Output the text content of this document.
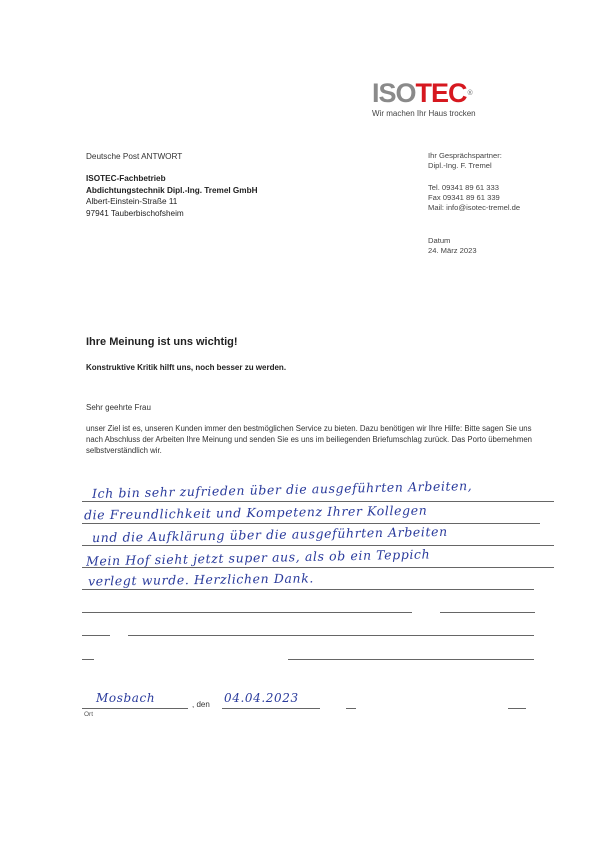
ISOTEC®
Wir machen Ihr Haus trocken
Deutsche Post ANTWORT
ISOTEC-Fachbetrieb
Abdichtungstechnik Dipl.-Ing. Tremel GmbH
Albert-Einstein-Straße 11
97941 Tauberbischofsheim
Ihr Gesprächspartner:
Dipl.-Ing. F. Tremel
Tel. 09341 89 61 333
Fax 09341 89 61 339
Mail: info@isotec-tremel.de
Datum
24. März 2023
Ihre Meinung ist uns wichtig!
Konstruktive Kritik hilft uns, noch besser zu werden.
Sehr geehrte Frau
unser Ziel ist es, unseren Kunden immer den bestmöglichen Service zu bieten. Dazu benötigen wir Ihre Hilfe: Bitte sagen Sie uns nach Abschluss der Arbeiten Ihre Meinung und senden Sie es uns im beiliegenden Briefumschlag zurück. Das Porto übernehmen selbstverständlich wir.
Ich bin sehr zufrieden über die ausgeführten Arbeiten,
die Freundlichkeit und Kompetenz Ihrer Kollegen
und die Aufklärung über die ausgeführten Arbeiten
Mein Hof sieht jetzt super aus, als ob ein Teppich
verlegt wurde. Herzlichen Dank.
Mosbach	, den 04.04.2023
Ort
